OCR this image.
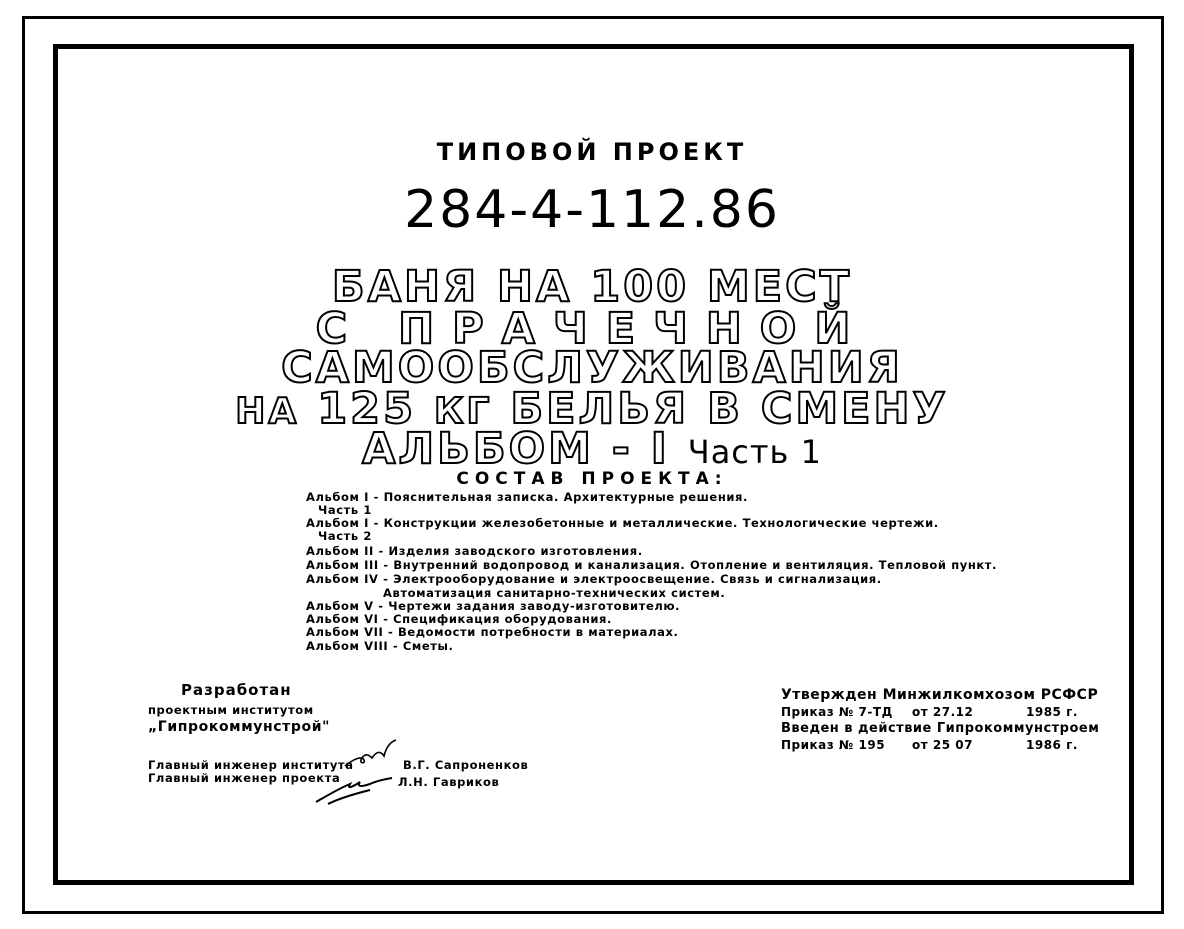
ТИПОВОЙ ПРОЕКТ
284-4-112.86
БАНЯ НА 100 МЕСТ
С ПРАЧЕЧНОЙ
САМООБСЛУЖИВАНИЯ
НА 125 КГ БЕЛЬЯ В СМЕНУ
АЛЬБОМ - I Часть 1
СОСТАВ ПРОЕКТА:
Альбом I - Пояснительная записка. Архитектурные решения.
Часть 1
Альбом I - Конструкции железобетонные и металлические. Технологические чертежи.
Часть 2
Альбом II - Изделия заводского изготовления.
Альбом III - Внутренний водопровод и канализация. Отопление и вентиляция. Тепловой пункт.
Альбом IV - Электрооборудование и электроосвещение. Связь и сигнализация.
Автоматизация санитарно-технических систем.
Альбом V - Чертежи задания заводу-изготовителю.
Альбом VI - Спецификация оборудования.
Альбом VII - Ведомости потребности в материалах.
Альбом VIII - Сметы.
Разработан
проектным институтом
„Гипрокоммунстрой"
Главный инженер института	В.Г. Сапроненков
Главный инженер проекта	Л.Н. Гавриков
Утвержден Минжилкомхозом РСФСР
Приказ № 7-ТД от 27.12	1985 г.
Введен в действие Гипрокоммунстроем
Приказ № 195 от 25 07	1986 г.
